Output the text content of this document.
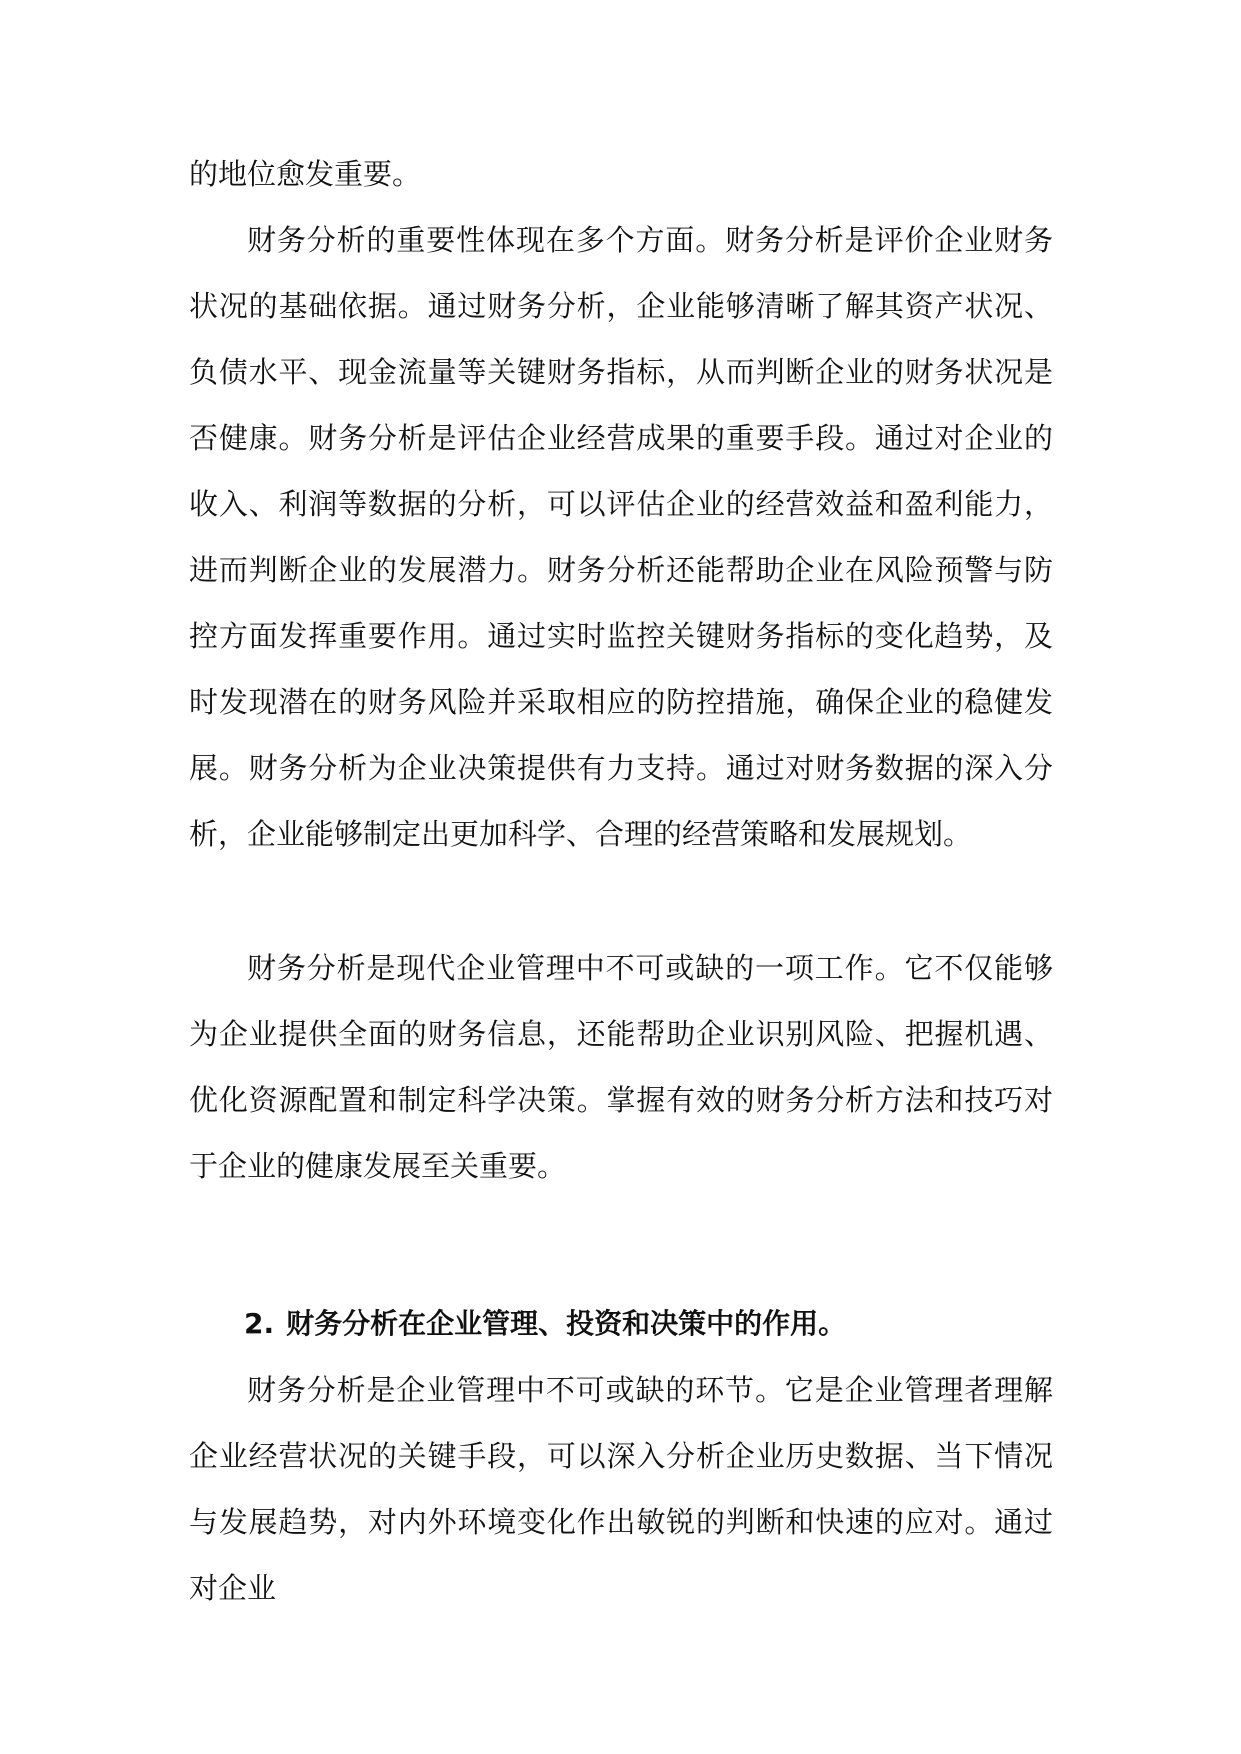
的地位愈发重要。

财务分析的重要性体现在多个方面。财务分析是评价企业财务状况的基础依据。通过财务分析，企业能够清晰了解其资产状况、负债水平、现金流量等关键财务指标，从而判断企业的财务状况是否健康。财务分析是评估企业经营成果的重要手段。通过对企业的收入、利润等数据的分析，可以评估企业的经营效益和盈利能力，进而判断企业的发展潜力。财务分析还能帮助企业在风险预警与防控方面发挥重要作用。通过实时监控关键财务指标的变化趋势，及时发现潜在的财务风险并采取相应的防控措施，确保企业的稳健发展。财务分析为企业决策提供有力支持。通过对财务数据的深入分析，企业能够制定出更加科学、合理的经营策略和发展规划。

财务分析是现代企业管理中不可或缺的一项工作。它不仅能够为企业提供全面的财务信息，还能帮助企业识别风险、把握机遇、优化资源配置和制定科学决策。掌握有效的财务分析方法和技巧对于企业的健康发展至关重要。

2. 财务分析在企业管理、投资和决策中的作用。

财务分析是企业管理中不可或缺的环节。它是企业管理者理解企业经营状况的关键手段，可以深入分析企业历史数据、当下情况与发展趋势，对内外环境变化作出敏锐的判断和快速的应对。通过对企业
